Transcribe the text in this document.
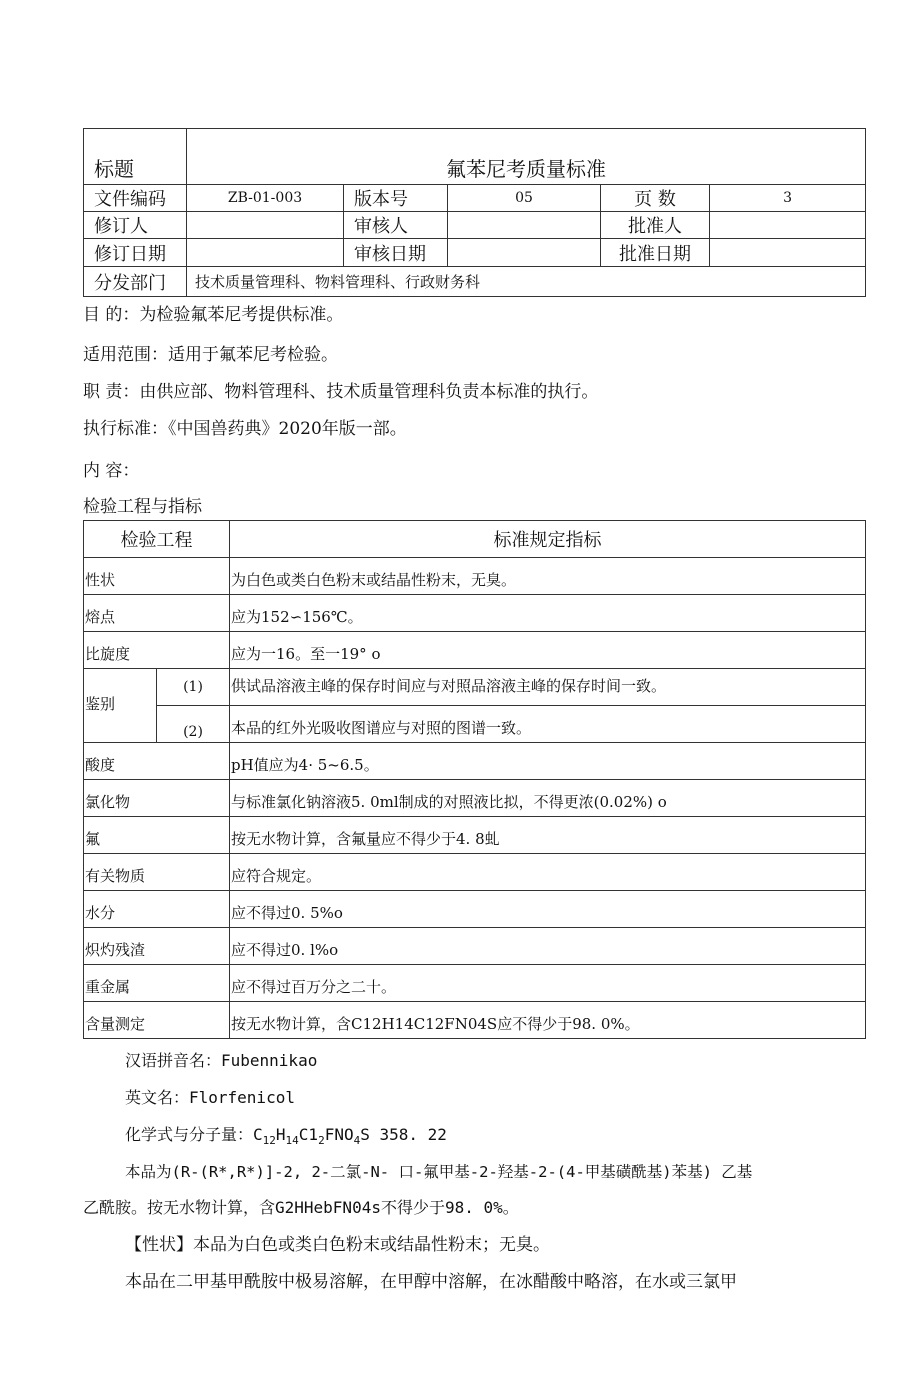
标题	氟苯尼考质量标准				
文件编码	ZB-01-003	版本号	05	页 数	3
修订人		审核人		批准人	
修订日期		审核日期		批准日期	
分发部门	技术质量管理科、物料管理科、行政财务科				
目 的：为检验氟苯尼考提供标准。
适用范围：适用于氟苯尼考检验。
职 责：由供应部、物料管理科、技术质量管理科负责本标准的执行。
执行标准：《中国兽药典》2020年版一部。
内 容：
检验工程与指标
检验工程		标准规定指标
性状		为白色或类白色粉末或结晶性粉末，无臭。
熔点		应为152∽156℃。
比旋度		应为一16。至一19° o
鉴别	(1)	供试品溶液主峰的保存时间应与对照品溶液主峰的保存时间一致。
	(2)	本品的红外光吸收图谱应与对照的图谱一致。
酸度		pH值应为4· 5~6.5。
氯化物		与标准氯化钠溶液5. 0ml制成的对照液比拟，不得更浓(0.02%) o
氟		按无水物计算，含氟量应不得少于4. 8虬
有关物质		应符合规定。
水分		应不得过0. 5%o
炽灼残渣		应不得过0. l%o
重金属		应不得过百万分之二十。
含量测定		按无水物计算，含C12H14C12FN04S应不得少于98. 0%。
汉语拼音名：Fubennikao
英文名：Florfenicol
化学式与分子量：$C_{12}H_{14}C1_2FNO_4S$ 358. 22
本品为(R-(R*,R*)]-2, 2-二氯-N- 口-氟甲基-2-羟基-2-(4-甲基磺酰基)苯基) 乙基
乙酰胺。按无水物计算，含G2HHebFN04s不得少于98. 0%。
【性状】本品为白色或类白色粉末或结晶性粉末；无臭。
本品在二甲基甲酰胺中极易溶解，在甲醇中溶解，在冰醋酸中略溶，在水或三氯甲
